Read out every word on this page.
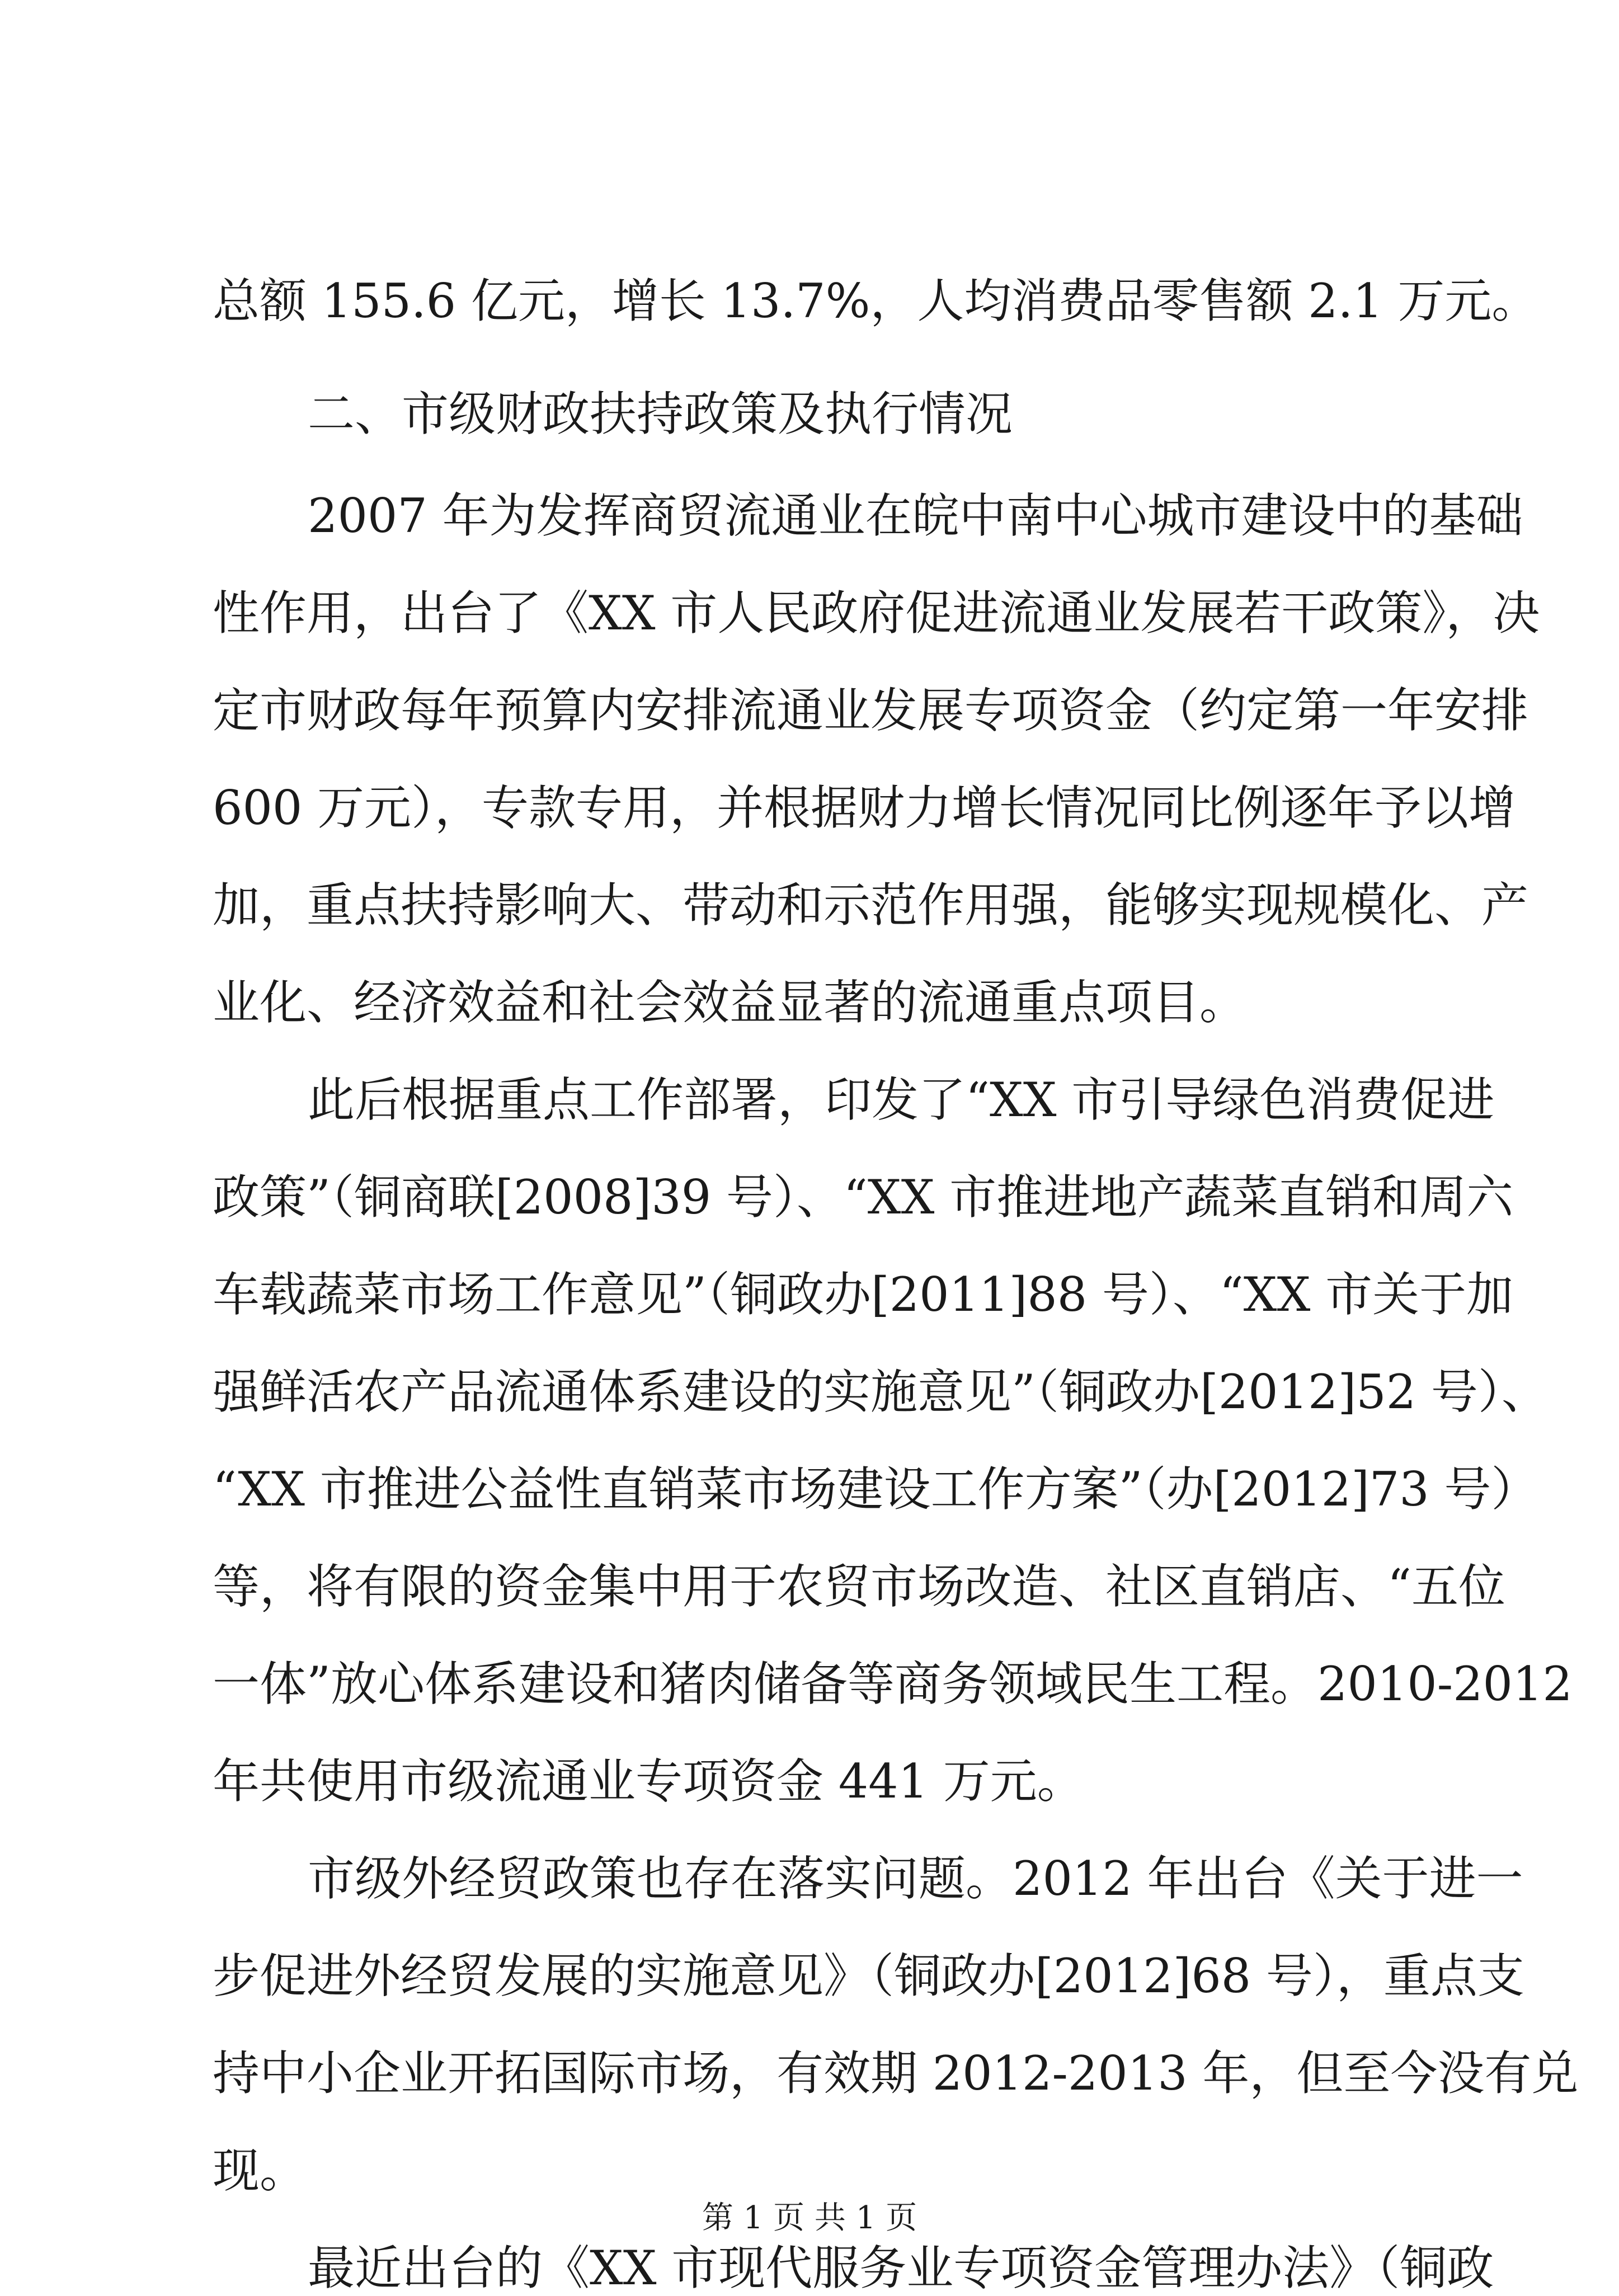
总额 155.6 亿元，增长 13.7%，人均消费品零售额 2.1 万元。
二、市级财政扶持政策及执行情况
2007 年为发挥商贸流通业在皖中南中心城市建设中的基础
性作用，出台了《XX 市人民政府促进流通业发展若干政策》，决
定市财政每年预算内安排流通业发展专项资金（约定第一年安排
600 万元），专款专用，并根据财力增长情况同比例逐年予以增
加，重点扶持影响大、带动和示范作用强，能够实现规模化、产
业化、经济效益和社会效益显著的流通重点项目。
此后根据重点工作部署，印发了“XX 市引导绿色消费促进
政策”（铜商联[2008]39 号）、“XX 市推进地产蔬菜直销和周六
车载蔬菜市场工作意见”（铜政办[2011]88 号）、“XX 市关于加
强鲜活农产品流通体系建设的实施意见”（铜政办[2012]52 号）、
“XX 市推进公益性直销菜市场建设工作方案”（办[2012]73 号）
等，将有限的资金集中用于农贸市场改造、社区直销店、“五位
一体”放心体系建设和猪肉储备等商务领域民生工程。2010-2012
年共使用市级流通业专项资金 441 万元。
市级外经贸政策也存在落实问题。2012 年出台《关于进一
步促进外经贸发展的实施意见》（铜政办[2012]68 号），重点支
持中小企业开拓国际市场，有效期 2012-2013 年，但至今没有兑
现。
最近出台的《XX 市现代服务业专项资金管理办法》（铜政
第 1 页 共 1 页
